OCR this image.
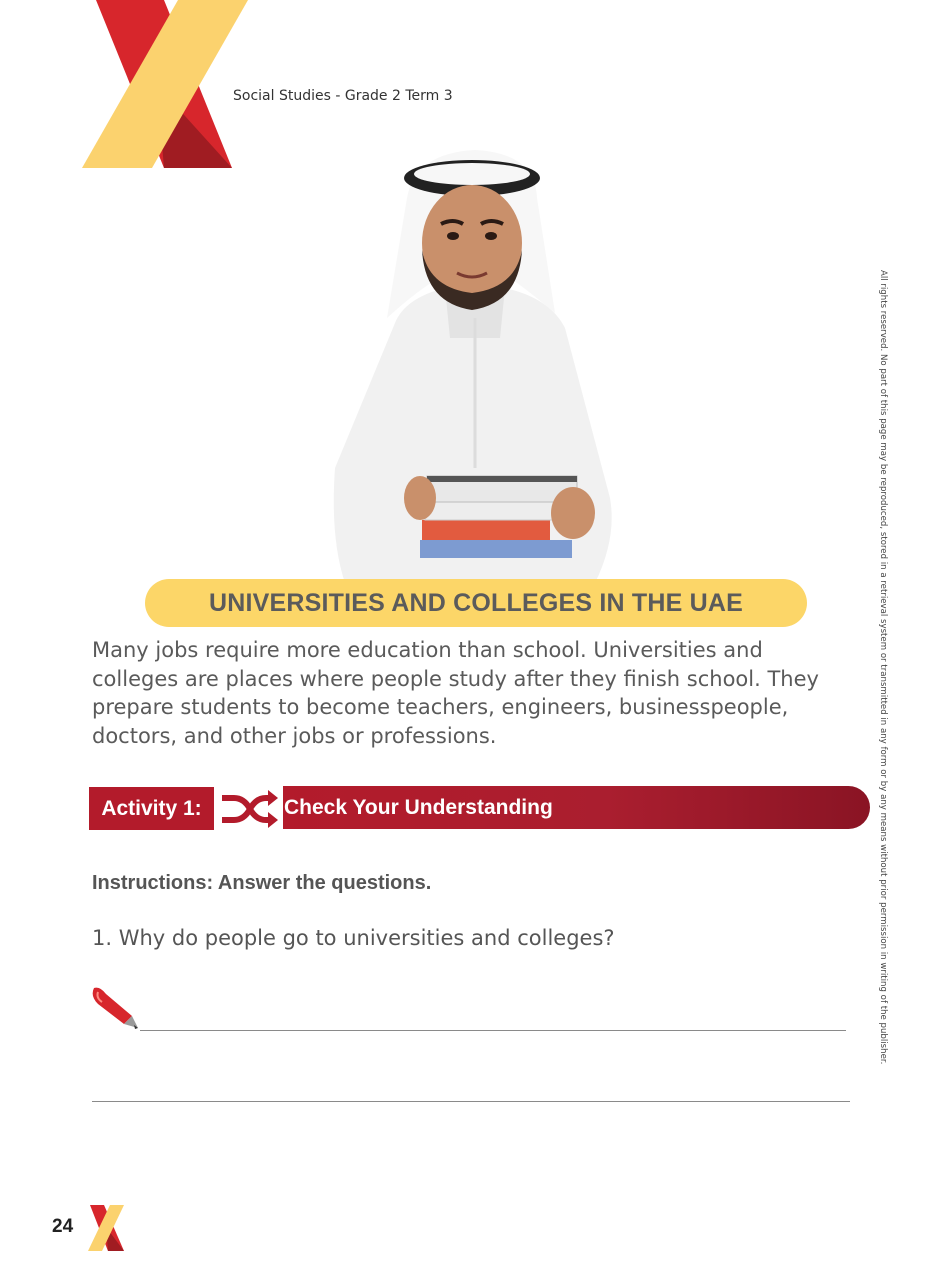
Social Studies - Grade 2 Term 3
UNIVERSITIES AND COLLEGES IN THE UAE

Many jobs require more education than school. Universities and colleges are places where people study after they finish school. They prepare students to become teachers, engineers, businesspeople, doctors, and other jobs or professions.

Activity 1:	Check Your Understanding
Instructions: Answer the questions.
1. Why do people go to universities and colleges?	All rights reserved. No part of this page may be reproduced, stored in a retrieval system or transmitted in any form or by any means without prior permission in writing of the publisher.
24
